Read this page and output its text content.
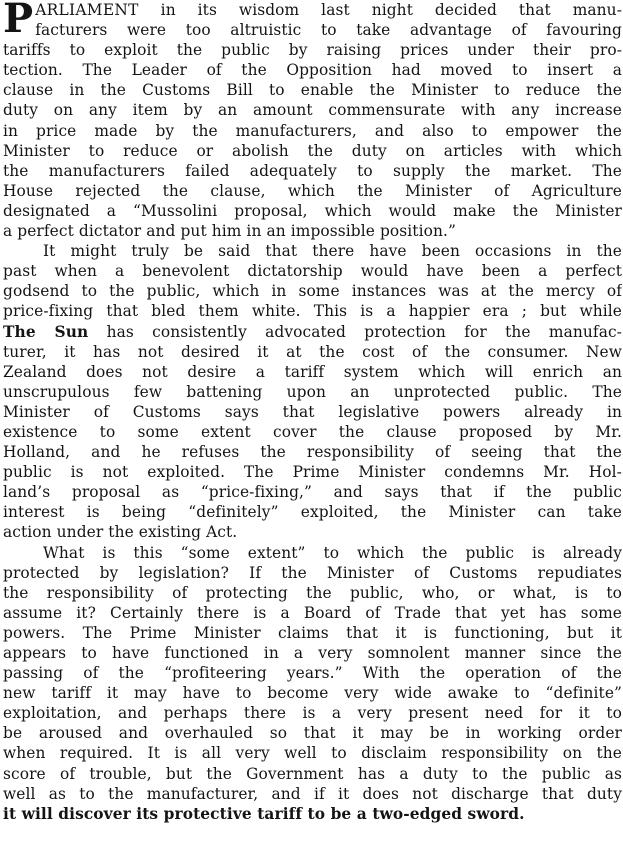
P ARLIAMENT in its wisdom last night decided that manu-
facturers were too altruistic to take advantage of favouring
tariffs to exploit the public by raising prices under their pro-
tection. The Leader of the Opposition had moved to insert a
clause in the Customs Bill to enable the Minister to reduce the
duty on any item by an amount commensurate with any increase
in price made by the manufacturers, and also to empower the
Minister to reduce or abolish the duty on articles with which
the manufacturers failed adequately to supply the market. The
House rejected the clause, which the Minister of Agriculture
designated a “Mussolini proposal, which would make the Minister
a perfect dictator and put him in an impossible position.”
It might truly be said that there have been occasions in the
past when a benevolent dictatorship would have been a perfect
godsend to the public, which in some instances was at the mercy of
price-fixing that bled them white. This is a happier era ; but while
The Sun has consistently advocated protection for the manufac-
turer, it has not desired it at the cost of the consumer. New
Zealand does not desire a tariff system which will enrich an
unscrupulous few battening upon an unprotected public. The
Minister of Customs says that legislative powers already in
existence to some extent cover the clause proposed by Mr.
Holland, and he refuses the responsibility of seeing that the
public is not exploited. The Prime Minister condemns Mr. Hol-
land’s proposal as “price-fixing,” and says that if the public
interest is being “definitely” exploited, the Minister can take
action under the existing Act.
What is this “some extent” to which the public is already
protected by legislation? If the Minister of Customs repudiates
the responsibility of protecting the public, who, or what, is to
assume it? Certainly there is a Board of Trade that yet has some
powers. The Prime Minister claims that it is functioning, but it
appears to have functioned in a very somnolent manner since the
passing of the “profiteering years.” With the operation of the
new tariff it may have to become very wide awake to “definite”
exploitation, and perhaps there is a very present need for it to
be aroused and overhauled so that it may be in working order
when required. It is all very well to disclaim responsibility on the
score of trouble, but the Government has a duty to the public as
well as to the manufacturer, and if it does not discharge that duty
it will discover its protective tariff to be a two-edged sword.
